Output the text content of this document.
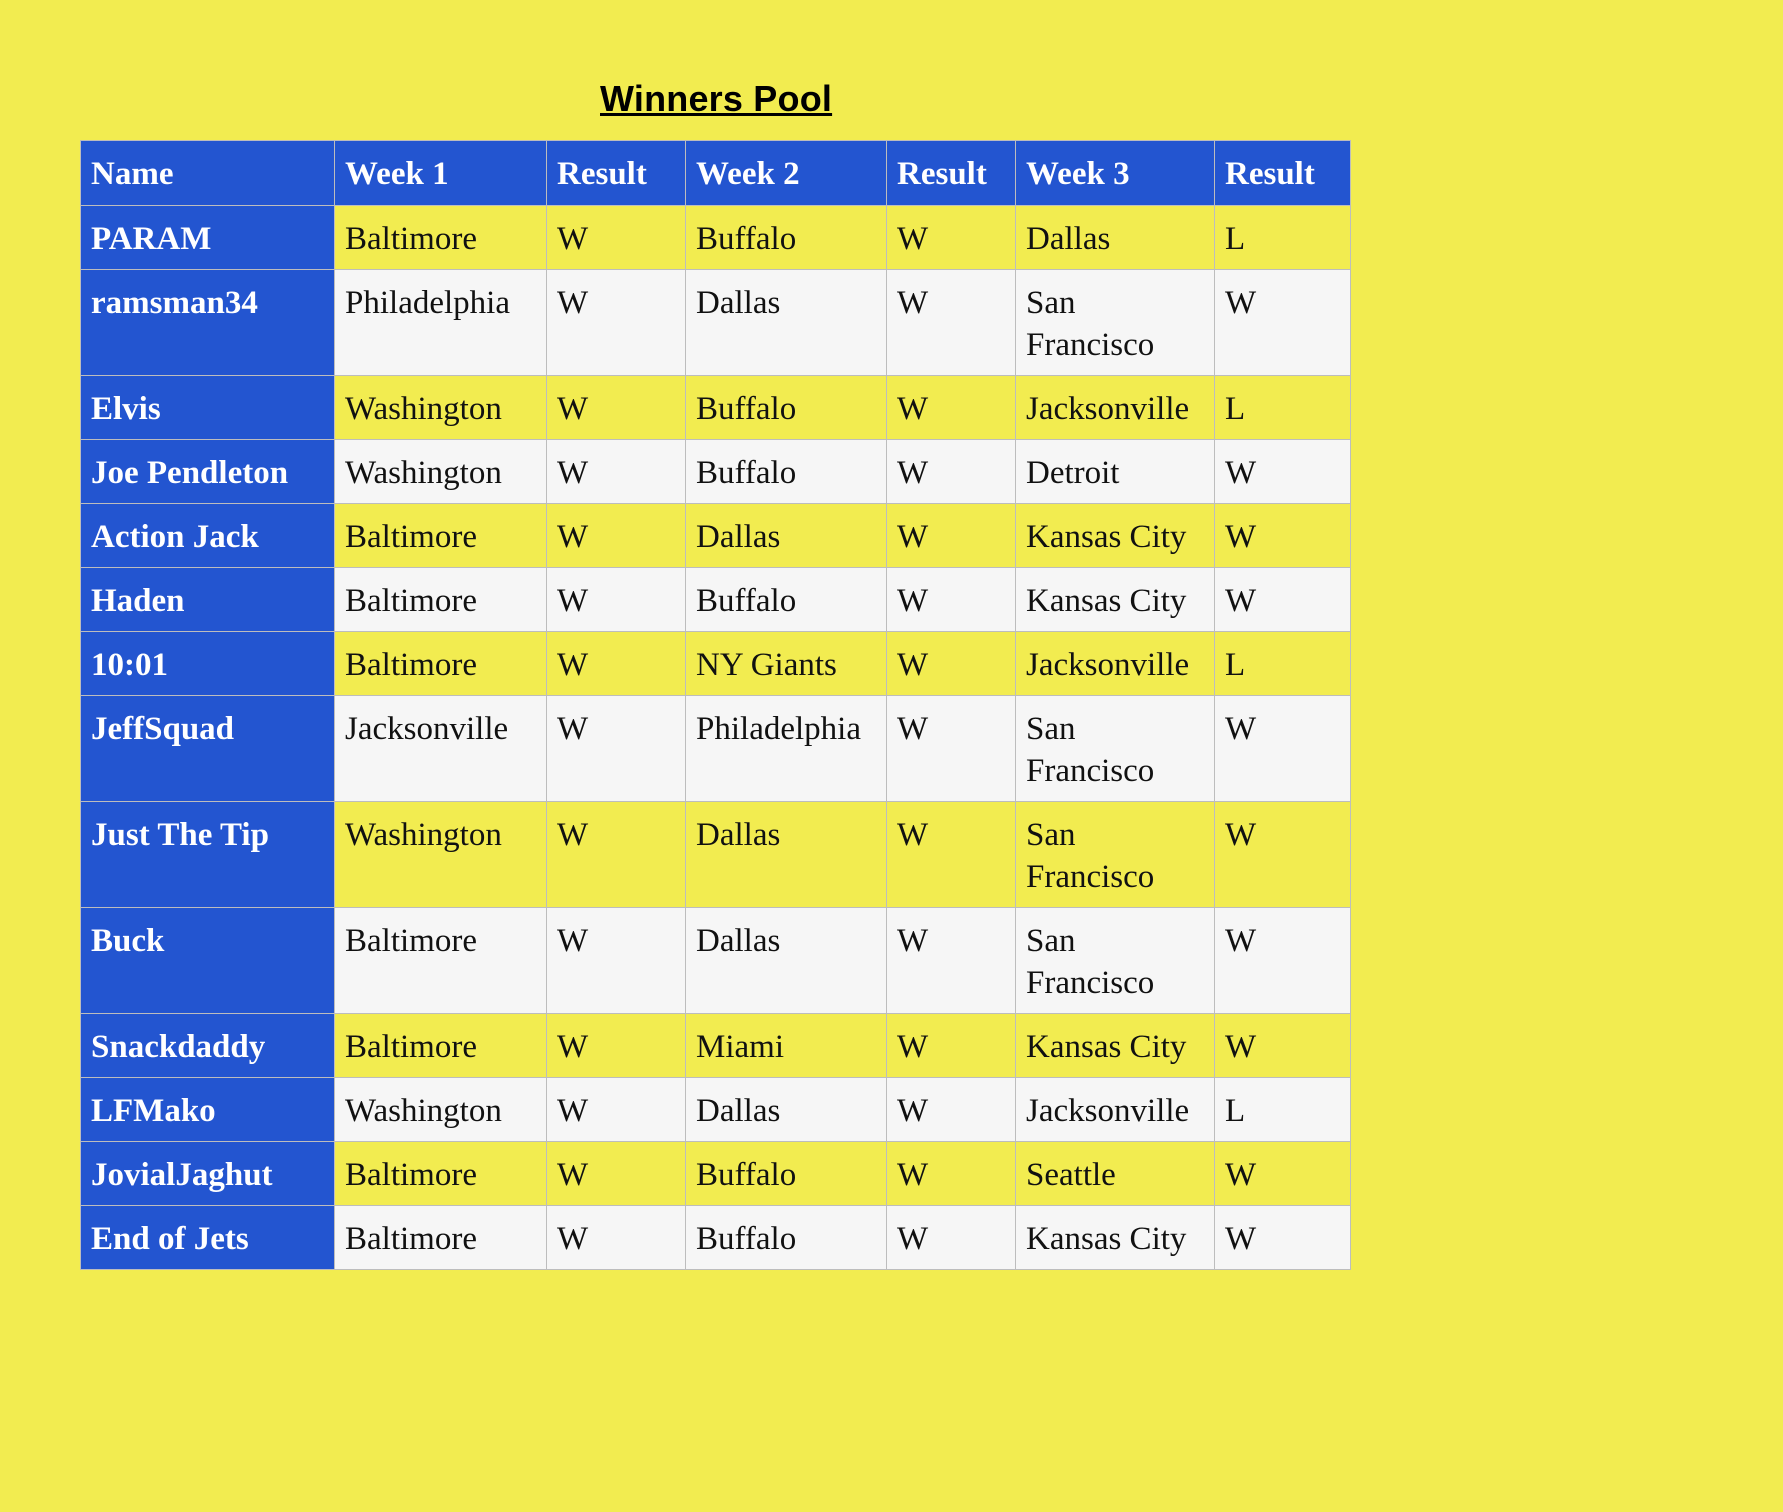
Winners Pool
Name	Week 1	Result	Week 2	Result	Week 3	Result
PARAM	Baltimore	W	Buffalo	W	Dallas	L
ramsman34	Philadelphia	W	Dallas	W	San Francisco	W
Elvis	Washington	W	Buffalo	W	Jacksonville	L
Joe Pendleton	Washington	W	Buffalo	W	Detroit	W
Action Jack	Baltimore	W	Dallas	W	Kansas City	W
Haden	Baltimore	W	Buffalo	W	Kansas City	W
10:01	Baltimore	W	NY Giants	W	Jacksonville	L
JeffSquad	Jacksonville	W	Philadelphia	W	San Francisco	W
Just The Tip	Washington	W	Dallas	W	San Francisco	W
Buck	Baltimore	W	Dallas	W	San Francisco	W
Snackdaddy	Baltimore	W	Miami	W	Kansas City	W
LFMako	Washington	W	Dallas	W	Jacksonville	L
JovialJaghut	Baltimore	W	Buffalo	W	Seattle	W
End of Jets	Baltimore	W	Buffalo	W	Kansas City	W
